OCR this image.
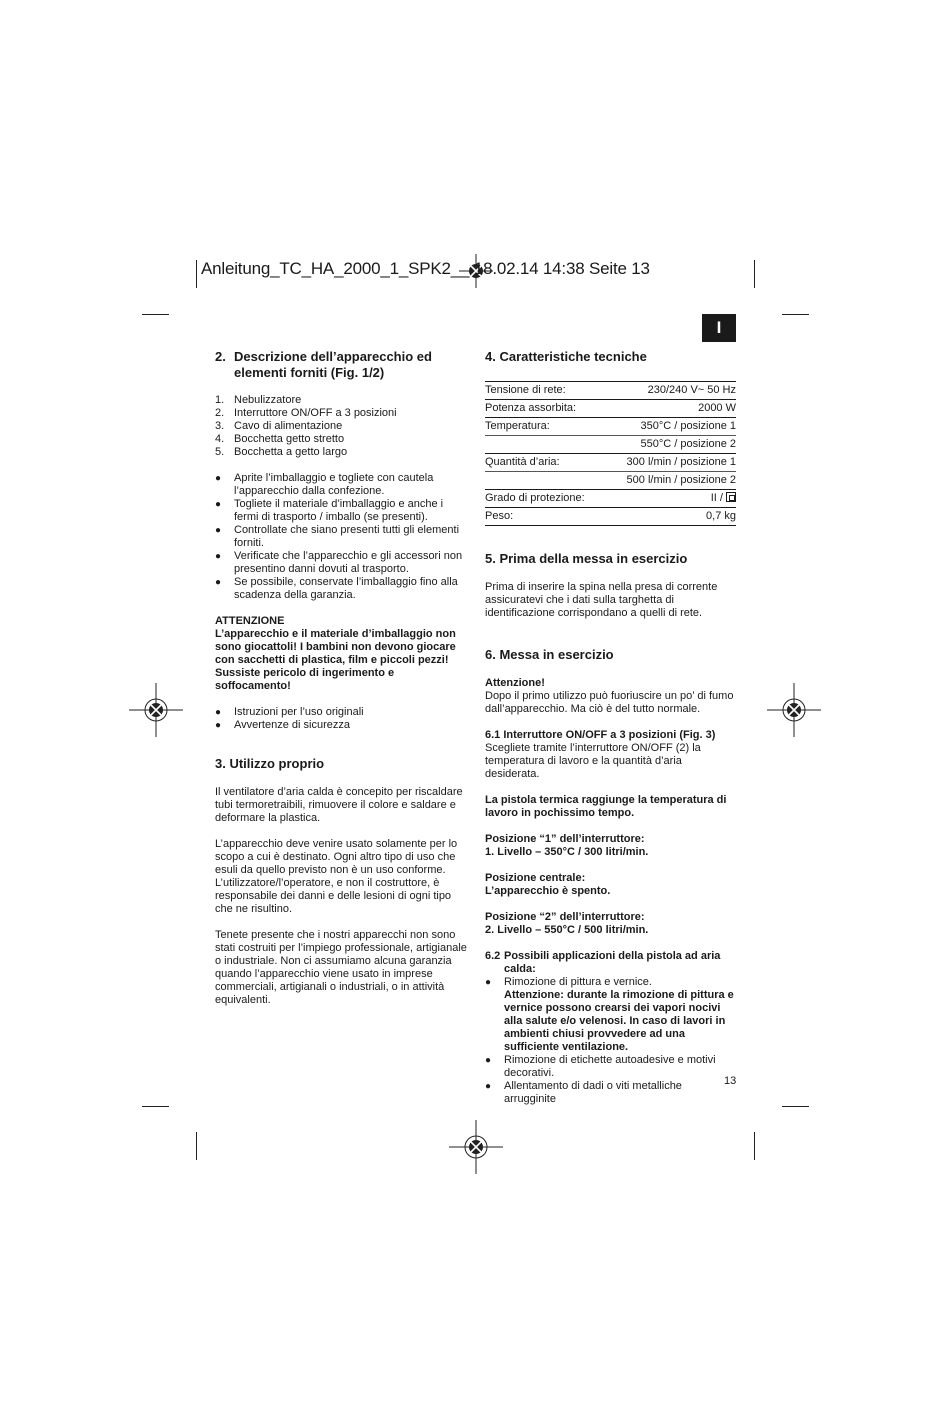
Anleitung_TC_HA_2000_1_SPK2__ 18.02.14 14:38 Seite 13
I
2. Descrizione dell’apparecchio ed elementi forniti (Fig. 1/2)
1. Nebulizzatore
2. Interruttore ON/OFF a 3 posizioni
3. Cavo di alimentazione
4. Bocchetta getto stretto
5. Bocchetta a getto largo
●	Aprite l’imballaggio e togliete con cautela l’apparecchio dalla confezione.
●	Togliete il materiale d’imballaggio e anche i fermi di trasporto / imballo (se presenti).
●	Controllate che siano presenti tutti gli elementi forniti.
●	Verificate che l’apparecchio e gli accessori non presentino danni dovuti al trasporto.
●	Se possibile, conservate l’imballaggio fino alla scadenza della garanzia.

ATTENZIONE

L’apparecchio e il materiale d’imballaggio non sono giocattoli! I bambini non devono giocare con sacchetti di plastica, film e piccoli pezzi! Sussiste pericolo di ingerimento e soffocamento!

●	Istruzioni per l’uso originali
●	Avvertenze di sicurezza
3. Utilizzo proprio

Il ventilatore d’aria calda è concepito per riscaldare tubi termoretraibili, rimuovere il colore e saldare e deformare la plastica.

L’apparecchio deve venire usato solamente per lo scopo a cui è destinato. Ogni altro tipo di uso che esuli da quello previsto non è un uso conforme. L’utilizzatore/l’operatore, e non il costruttore, è responsabile dei danni e delle lesioni di ogni tipo che ne risultino.

Tenete presente che i nostri apparecchi non sono stati costruiti per l’impiego professionale, artigianale o industriale. Non ci assumiamo alcuna garanzia quando l’apparecchio viene usato in imprese commerciali, artigianali o industriali, o in attività equivalenti.

4. Caratteristiche tecniche
Tensione di rete:	230/240 V~ 50 Hz
Potenza assorbita:	2000 W
Temperatura:	350°C / posizione 1
	550°C / posizione 2
Quantità d’aria:	300 l/min / posizione 1
	500 l/min / posizione 2
Grado di protezione:	II /
Peso:	0,7 kg
5. Prima della messa in esercizio

Prima di inserire la spina nella presa di corrente assicuratevi che i dati sulla targhetta di identificazione corrispondano a quelli di rete.

6. Messa in esercizio

Attenzione!

Dopo il primo utilizzo può fuoriuscire un po’ di fumo dall’apparecchio. Ma ciò è del tutto normale.

6.1 Interruttore ON/OFF a 3 posizioni (Fig. 3)

Scegliete tramite l’interruttore ON/OFF (2) la temperatura di lavoro e la quantità d’aria desiderata.

La pistola termica raggiunge la temperatura di lavoro in pochissimo tempo.

Posizione “1” dell’interruttore:

1. Livello – 350°C / 300 litri/min.

Posizione centrale:

L’apparecchio è spento.

Posizione “2” dell’interruttore:

2. Livello – 550°C / 500 litri/min.

6.2 Possibili applicazioni della pistola ad aria calda:

●	Rimozione di pittura e vernice.
Attenzione: durante la rimozione di pittura e vernice possono crearsi dei vapori nocivi alla salute e/o velenosi. In caso di lavori in ambienti chiusi provvedere ad una sufficiente ventilazione.
●	Rimozione di etichette autoadesive e motivi decorativi.
●	Allentamento di dadi o viti metalliche arrugginite
13
